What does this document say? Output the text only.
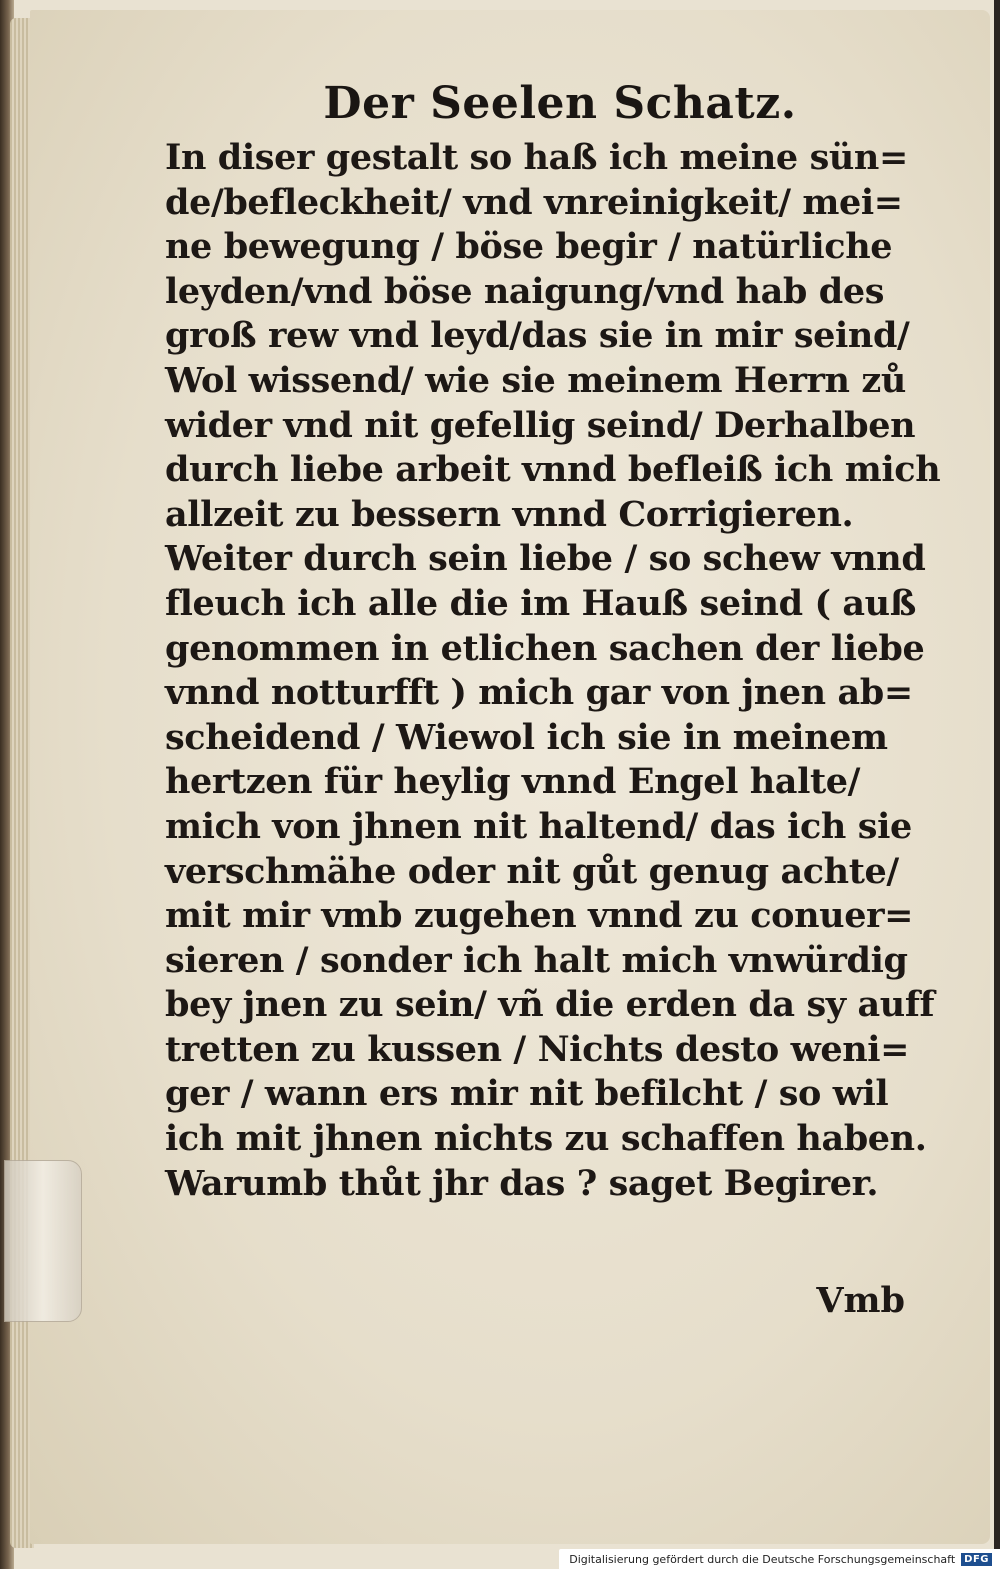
Der Seelen Schatz.
In diser gestalt so haß ich meine sün=
de/befleckheit/ vnd vnreinigkeit/ mei=
ne bewegung / böse begir / natürliche
leyden/vnd böse naigung/vnd hab des
groß rew vnd leyd/das sie in mir seind/
Wol wissend/ wie sie meinem Herrn zů
wider vnd nit gefellig seind/ Derhalben
durch liebe arbeit vnnd befleiß ich mich
allzeit zu bessern vnnd Corrigieren.
Weiter durch sein liebe / so schew vnnd
fleuch ich alle die im Hauß seind ( auß
genommen in etlichen sachen der liebe
vnnd notturfft ) mich gar von jnen ab=
scheidend / Wiewol ich sie in meinem
hertzen für heylig vnnd Engel halte/
mich von jhnen nit haltend/ das ich sie
verschmähe oder nit gůt genug achte/
mit mir vmb zugehen vnnd zu conuer=
sieren / sonder ich halt mich vnwürdig
bey jnen zu sein/ vñ die erden da sy auff
tretten zu kussen / Nichts desto weni=
ger / wann ers mir nit befilcht / so wil
ich mit jhnen nichts zu schaffen haben.
Warumb thůt jhr das ? saget Begirer.
Vmb
Digitalisierung gefördert durch die Deutsche Forschungsgemeinschaft DFG
